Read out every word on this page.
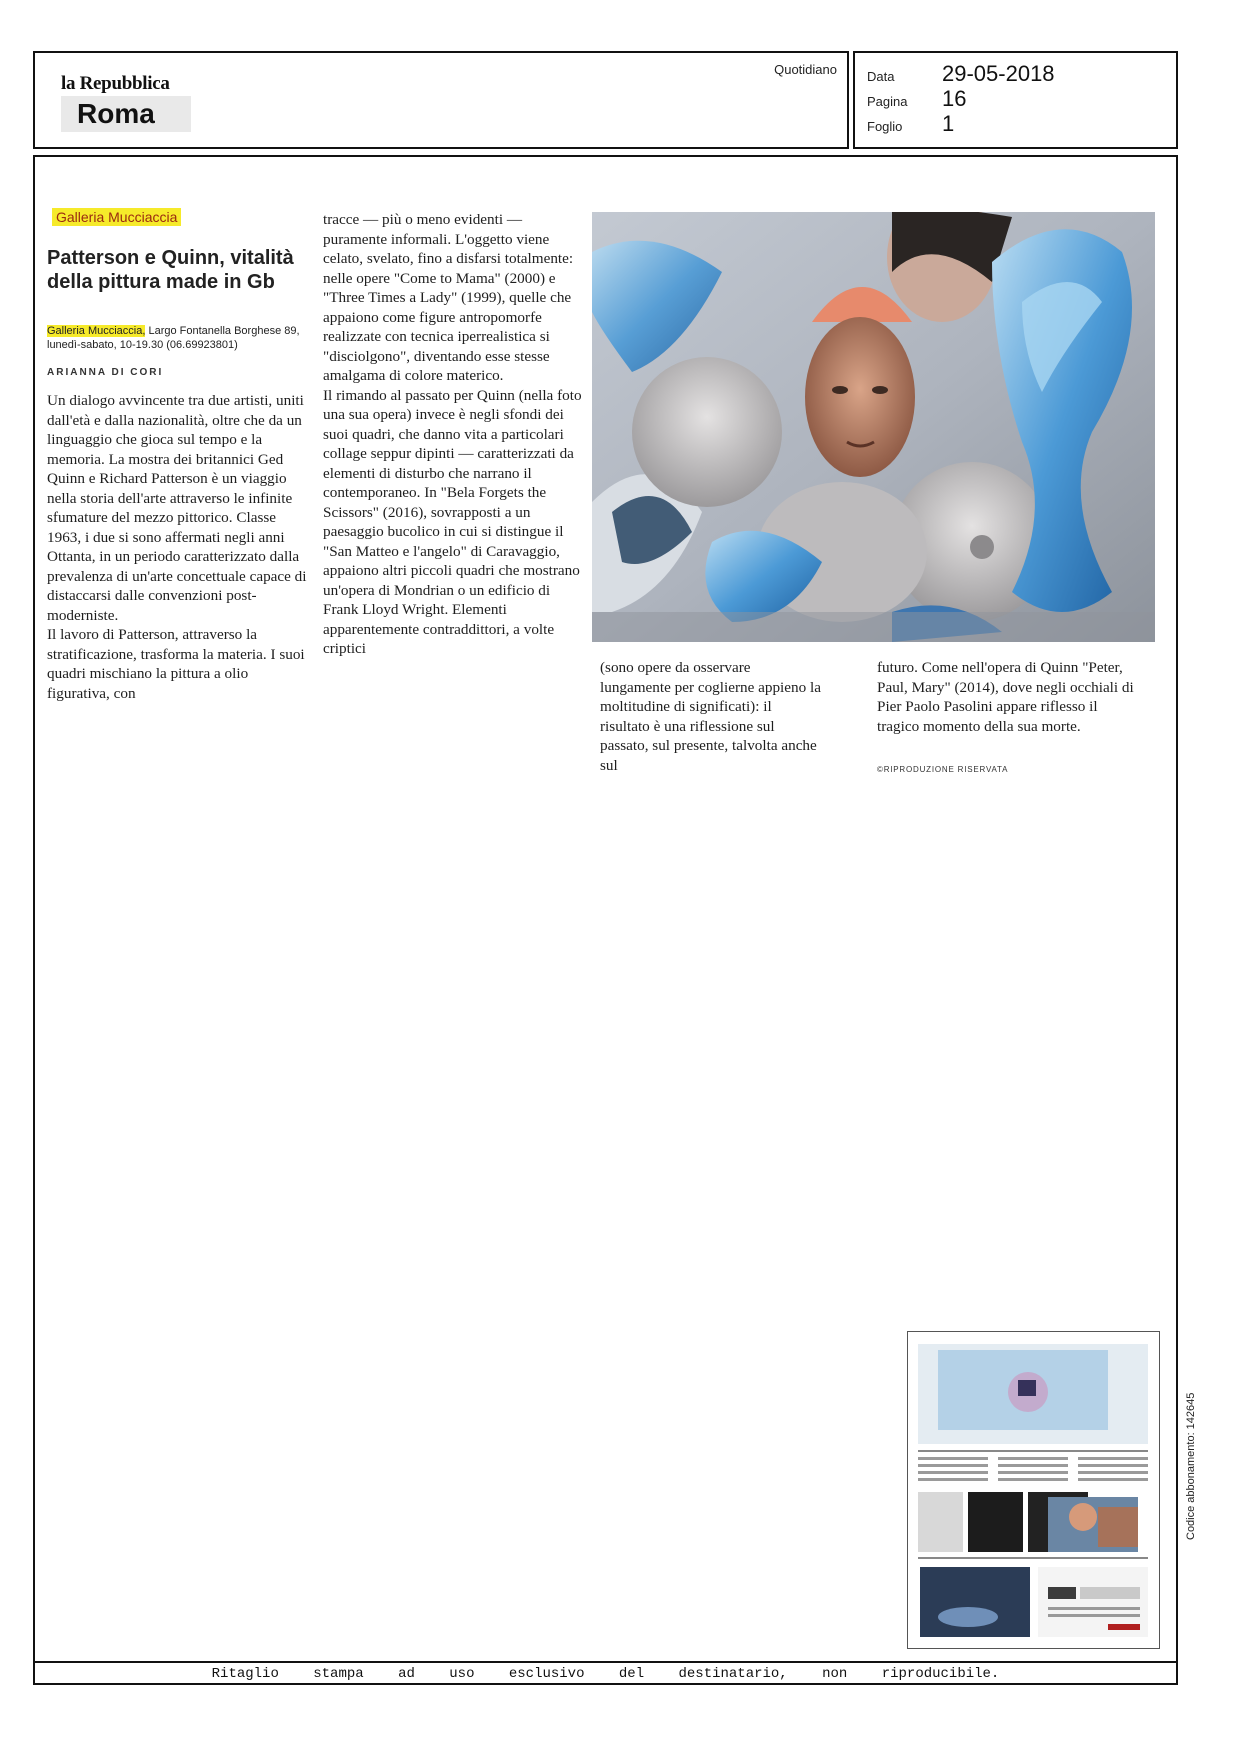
la Repubblica
Roma
Quotidiano Data 29-05-2018
Pagina 16
Foglio 1
Galleria Mucciaccia
Patterson e Quinn, vitalità della pittura made in Gb
Galleria Mucciaccia, Largo Fontanella Borghese 89, lunedì-sabato, 10-19.30 (06.69923801)
ARIANNA DI CORI

Un dialogo avvincente tra due artisti, uniti dall'età e dalla nazionalità, oltre che da un linguaggio che gioca sul tempo e la memoria. La mostra dei britannici Ged Quinn e Richard Patterson è un viaggio nella storia dell'arte attraverso le infinite sfumature del mezzo pittorico. Classe 1963, i due si sono affermati negli anni Ottanta, in un periodo caratterizzato dalla prevalenza di un'arte concettuale capace di distaccarsi dalle convenzioni post-moderniste.

Il lavoro di Patterson, attraverso la stratificazione, trasforma la materia. I suoi quadri mischiano la pittura a olio figurativa, con

tracce — più o meno evidenti — puramente informali. L'oggetto viene celato, svelato, fino a disfarsi totalmente: nelle opere "Come to Mama" (2000) e "Three Times a Lady" (1999), quelle che appaiono come figure antropomorfe realizzate con tecnica iperrealistica si "disciolgono", diventando esse stesse amalgama di colore materico.

Il rimando al passato per Quinn (nella foto una sua opera) invece è negli sfondi dei suoi quadri, che danno vita a particolari collage seppur dipinti — caratterizzati da elementi di disturbo che narrano il contemporaneo. In "Bela Forgets the Scissors" (2016), sovrapposti a un paesaggio bucolico in cui si distingue il "San Matteo e l'angelo" di Caravaggio, appaiono altri piccoli quadri che mostrano un'opera di Mondrian o un edificio di Frank Lloyd Wright. Elementi apparentemente contraddittori, a volte criptici

(sono opere da osservare lungamente per coglierne appieno la moltitudine di significati): il risultato è una riflessione sul passato, sul presente, talvolta anche sul

futuro. Come nell'opera di Quinn "Peter, Paul, Mary" (2014), dove negli occhiali di Pier Paolo Pasolini appare riflesso il tragico momento della sua morte.

©RIPRODUZIONE RISERVATA
Codice abbonamento: 142645
Ritaglio stampa ad uso esclusivo del destinatario, non riproducibile.
